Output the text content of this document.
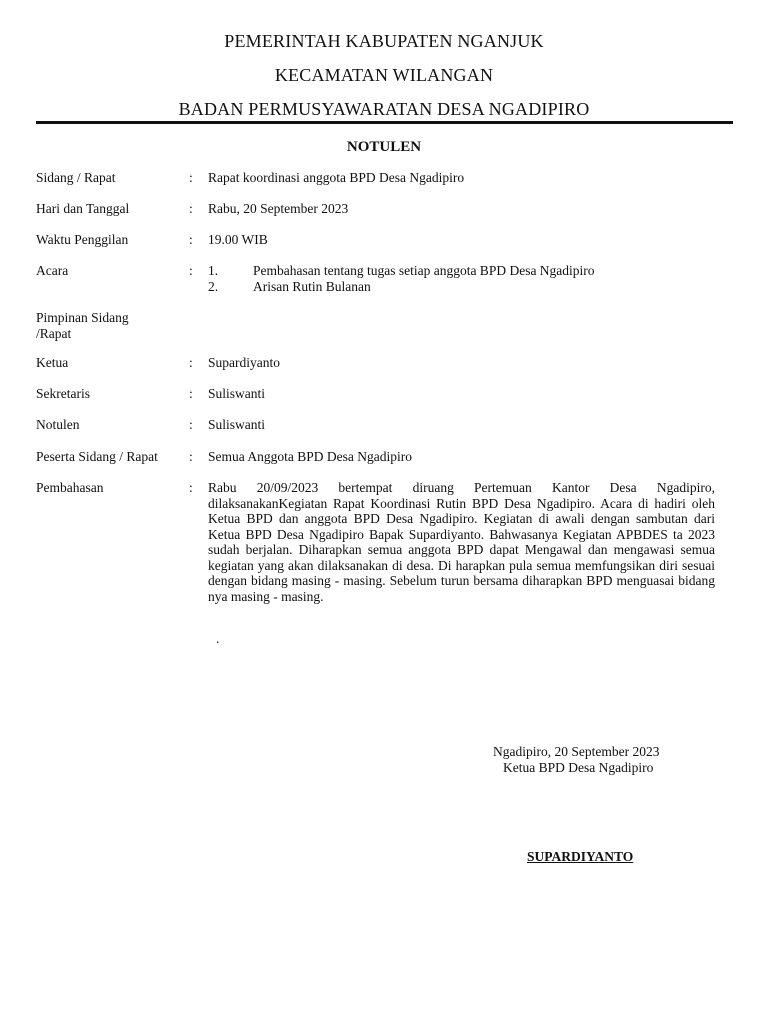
PEMERINTAH KABUPATEN NGANJUK
KECAMATAN WILANGAN
BADAN PERMUSYAWARATAN DESA NGADIPIRO
NOTULEN
Sidang / Rapat	: Rapat koordinasi anggota BPD Desa Ngadipiro
Hari dan Tanggal	: Rabu, 20 September 2023
Waktu Penggilan	: 19.00 WIB
Acara	: 1.	Pembahasan tentang tugas setiap anggota BPD Desa Ngadipiro
2.	Arisan Rutin Bulanan
Pimpinan Sidang
/Rapat
Ketua	: Supardiyanto
Sekretaris	: Suliswanti
Notulen	: Suliswanti
Peserta Sidang / Rapat	: Semua Anggota BPD Desa Ngadipiro
Pembahasan	: Rabu 20/09/2023 bertempat diruang Pertemuan Kantor Desa Ngadipiro, dilaksanakanKegiatan Rapat Koordinasi Rutin BPD Desa Ngadipiro. Acara di hadiri oleh Ketua BPD dan anggota BPD Desa Ngadipiro. Kegiatan di awali dengan sambutan dari Ketua BPD Desa Ngadipiro Bapak Supardiyanto. Bahwasanya Kegiatan APBDES ta 2023 sudah berjalan. Diharapkan semua anggota BPD dapat Mengawal dan mengawasi semua kegiatan yang akan dilaksanakan di desa. Di harapkan pula semua memfungsikan diri sesuai dengan bidang masing - masing. Sebelum turun bersama diharapkan BPD menguasai bidang nya masing - masing.
.
Ngadipiro, 20 September 2023
Ketua BPD Desa Ngadipiro
SUPARDIYANTO
